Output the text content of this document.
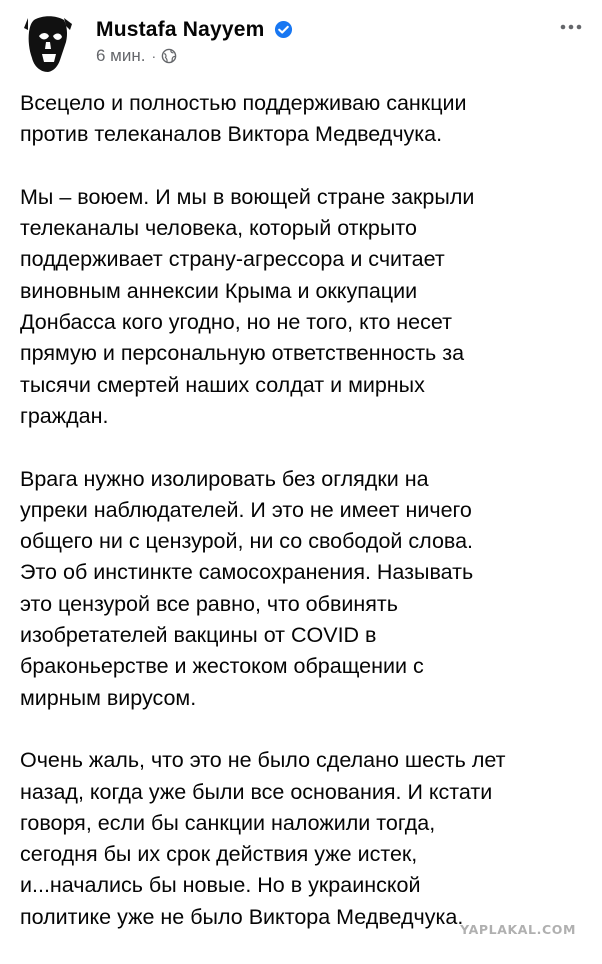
Mustafa Nayyem
6 мин. ·
Всецело и полностью поддерживаю санкции
против телеканалов Виктора Медведчука.
Мы – воюем. И мы в воющей стране закрыли
телеканалы человека, который открыто
поддерживает страну-агрессора и считает
виновным аннексии Крыма и оккупации
Донбасса кого угодно, но не того, кто несет
прямую и персональную ответственность за
тысячи смертей наших солдат и мирных
граждан.
Врага нужно изолировать без оглядки на
упреки наблюдателей. И это не имеет ничего
общего ни с цензурой, ни со свободой слова.
Это об инстинкте самосохранения. Называть
это цензурой все равно, что обвинять
изобретателей вакцины от COVID в
браконьерстве и жестоком обращении с
мирным вирусом.
Очень жаль, что это не было сделано шесть лет
назад, когда уже были все основания. И кстати
говоря, если бы санкции наложили тогда,
сегодня бы их срок действия уже истек,
и...начались бы новые. Но в украинской
политике уже не было Виктора Медведчука.
YAPLAKAL.COM
